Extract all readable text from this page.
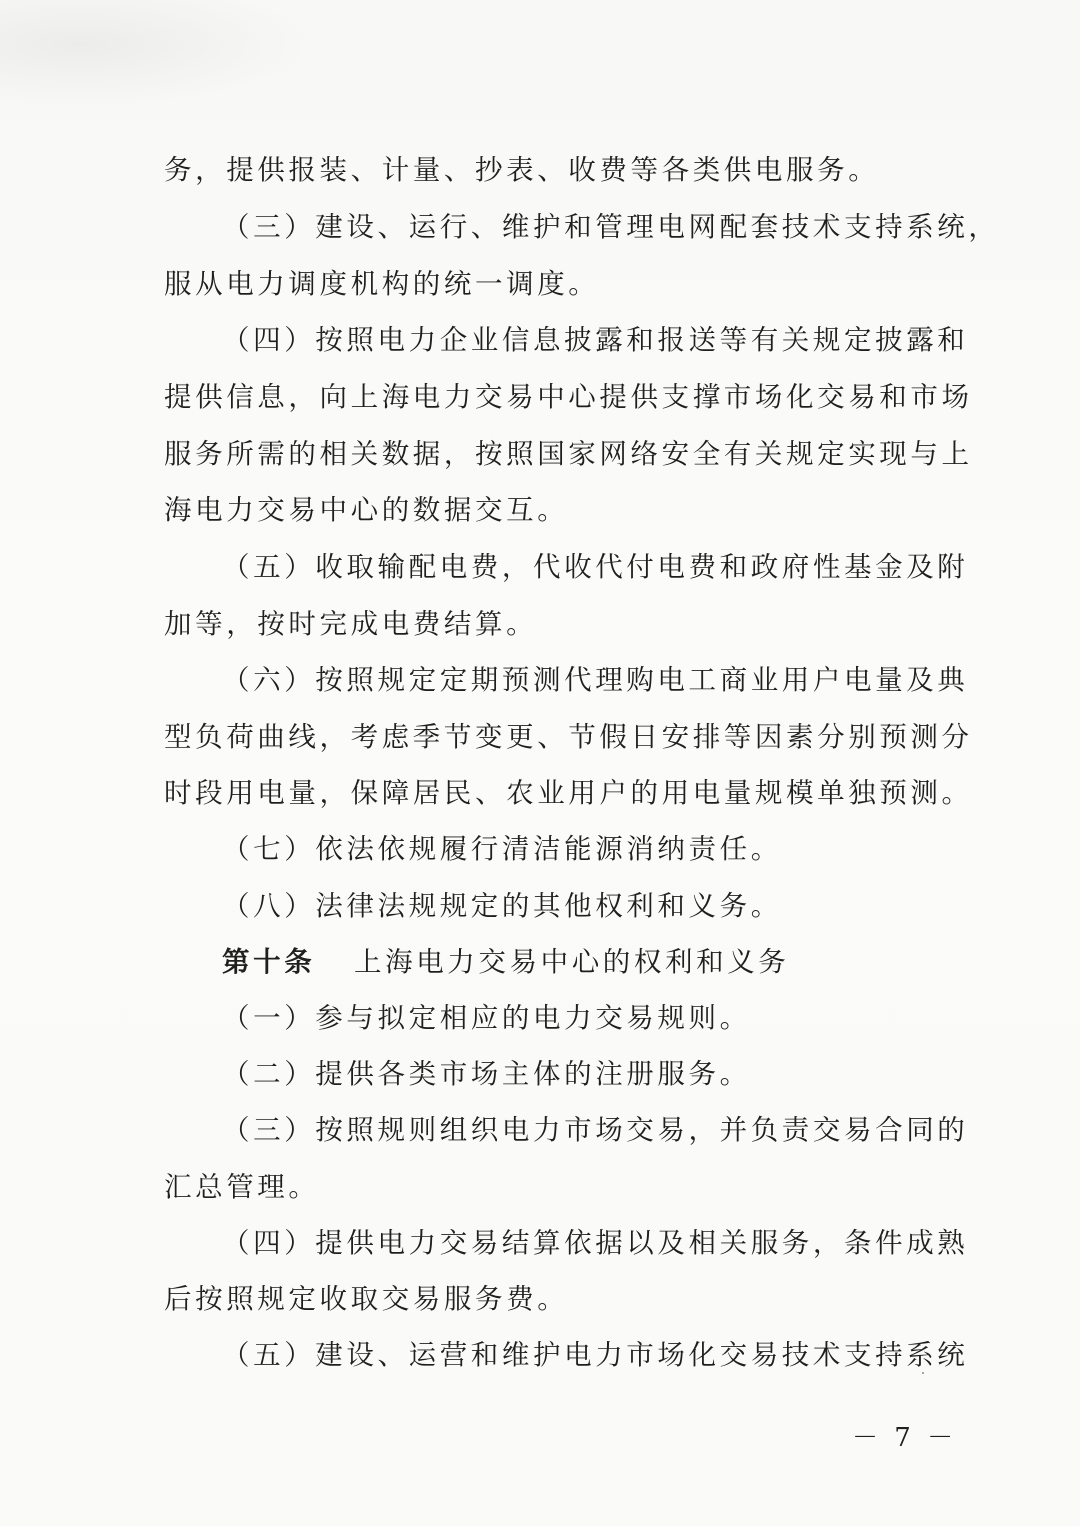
务，提供报装、计量、抄表、收费等各类供电服务。
（三）建设、运行、维护和管理电网配套技术支持系统，
服从电力调度机构的统一调度。
（四）按照电力企业信息披露和报送等有关规定披露和
提供信息，向上海电力交易中心提供支撑市场化交易和市场
服务所需的相关数据，按照国家网络安全有关规定实现与上
海电力交易中心的数据交互。
（五）收取输配电费，代收代付电费和政府性基金及附
加等，按时完成电费结算。
（六）按照规定定期预测代理购电工商业用户电量及典
型负荷曲线，考虑季节变更、节假日安排等因素分别预测分
时段用电量，保障居民、农业用户的用电量规模单独预测。
（七）依法依规履行清洁能源消纳责任。
（八）法律法规规定的其他权利和义务。
第十条 上海电力交易中心的权利和义务
（一）参与拟定相应的电力交易规则。
（二）提供各类市场主体的注册服务。
（三）按照规则组织电力市场交易，并负责交易合同的
汇总管理。
（四）提供电力交易结算依据以及相关服务，条件成熟
后按照规定收取交易服务费。
（五）建设、运营和维护电力市场化交易技术支持系统
－ 7 －
